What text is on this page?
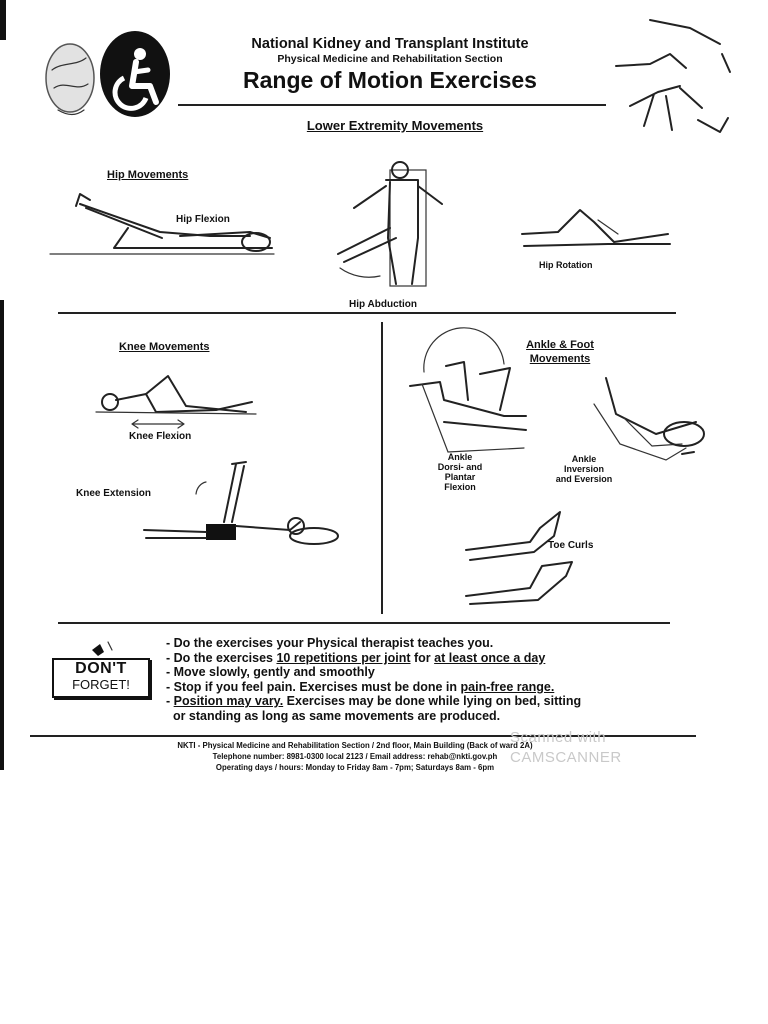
National Kidney and Transplant Institute
Physical Medicine and Rehabilitation Section
Range of Motion Exercises
Lower Extremity Movements
Hip Movements
Hip Flexion
Hip Abduction
Hip Rotation
Knee Movements
Knee Flexion
Knee Extension
Ankle & Foot
Movements
Ankle
Dorsi- and
Plantar
Flexion
Ankle
Inversion
and Eversion
Toe Curls
DON'T
FORGET!
- Do the exercises your Physical therapist teaches you.
- Do the exercises 10 repetitions per joint for at least once a day
- Move slowly, gently and smoothly
- Stop if you feel pain. Exercises must be done in pain-free range.
- Position may vary. Exercises may be done while lying on bed, sitting
or standing as long as same movements are produced.
Scanned with
CAMSCANNER
NKTI - Physical Medicine and Rehabilitation Section / 2nd floor, Main Building (Back of ward 2A)
Telephone number: 8981-0300 local 2123 / Email address: rehab@nkti.gov.ph
Operating days / hours: Monday to Friday 8am - 7pm; Saturdays 8am - 6pm
